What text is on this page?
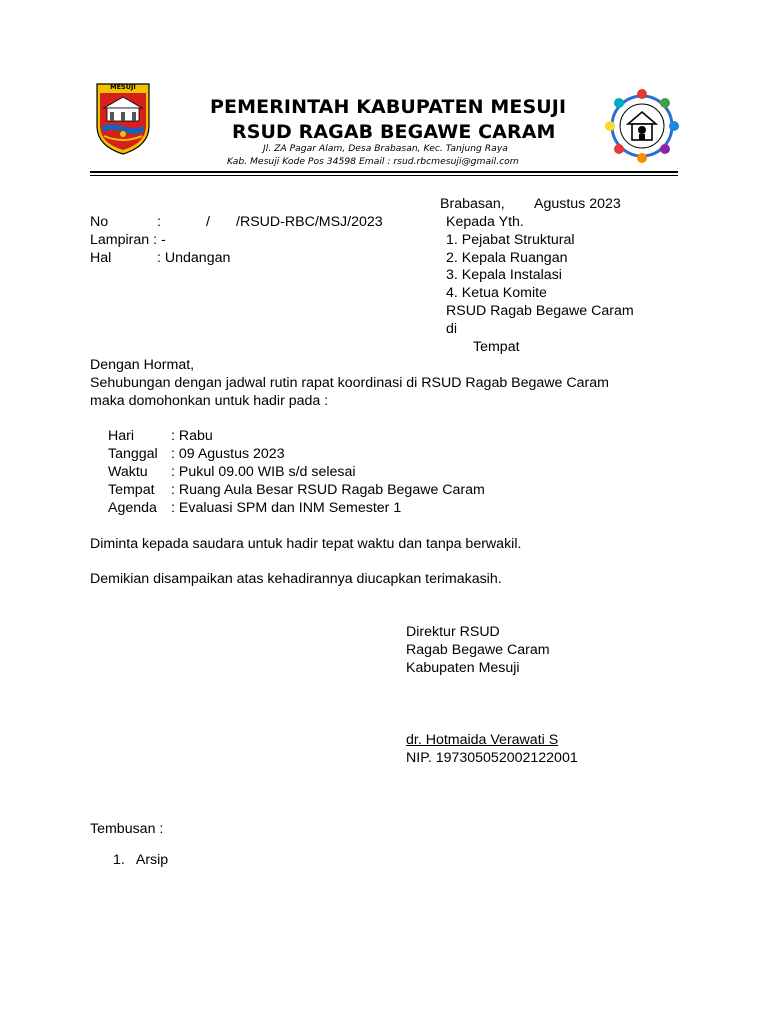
MESUJI
PEMERINTAH KABUPATEN MESUJI
RSUD RAGAB BEGAWE CARAM
Jl. ZA Pagar Alam, Desa Brabasan, Kec. Tanjung Raya
Kab. Mesuji Kode Pos 34598 Email : rsud.rbcmesuji@gmail.com
Brabasan, Agustus 2023
No	:	/ /RSUD-RBC/MSJ/2023
Lampiran : -
Hal	: Undangan
Kepada Yth.
1. Pejabat Struktural
2. Kepala Ruangan
3. Kepala Instalasi
4. Ketua Komite
RSUD Ragab Begawe Caram
di
Tempat
Dengan Hormat,
Sehubungan dengan jadwal rutin rapat koordinasi di RSUD Ragab Begawe Caram
maka domohonkan untuk hadir pada :
Hari	: Rabu
Tanggal : 09 Agustus 2023
Waktu : Pukul 09.00 WIB s/d selesai
Tempat : Ruang Aula Besar RSUD Ragab Begawe Caram
Agenda : Evaluasi SPM dan INM Semester 1
Diminta kepada saudara untuk hadir tepat waktu dan tanpa berwakil.
Demikian disampaikan atas kehadirannya diucapkan terimakasih.
Direktur RSUD
Ragab Begawe Caram
Kabupaten Mesuji
dr. Hotmaida Verawati S
NIP. 197305052002122001
Tembusan :
1.   Arsip
